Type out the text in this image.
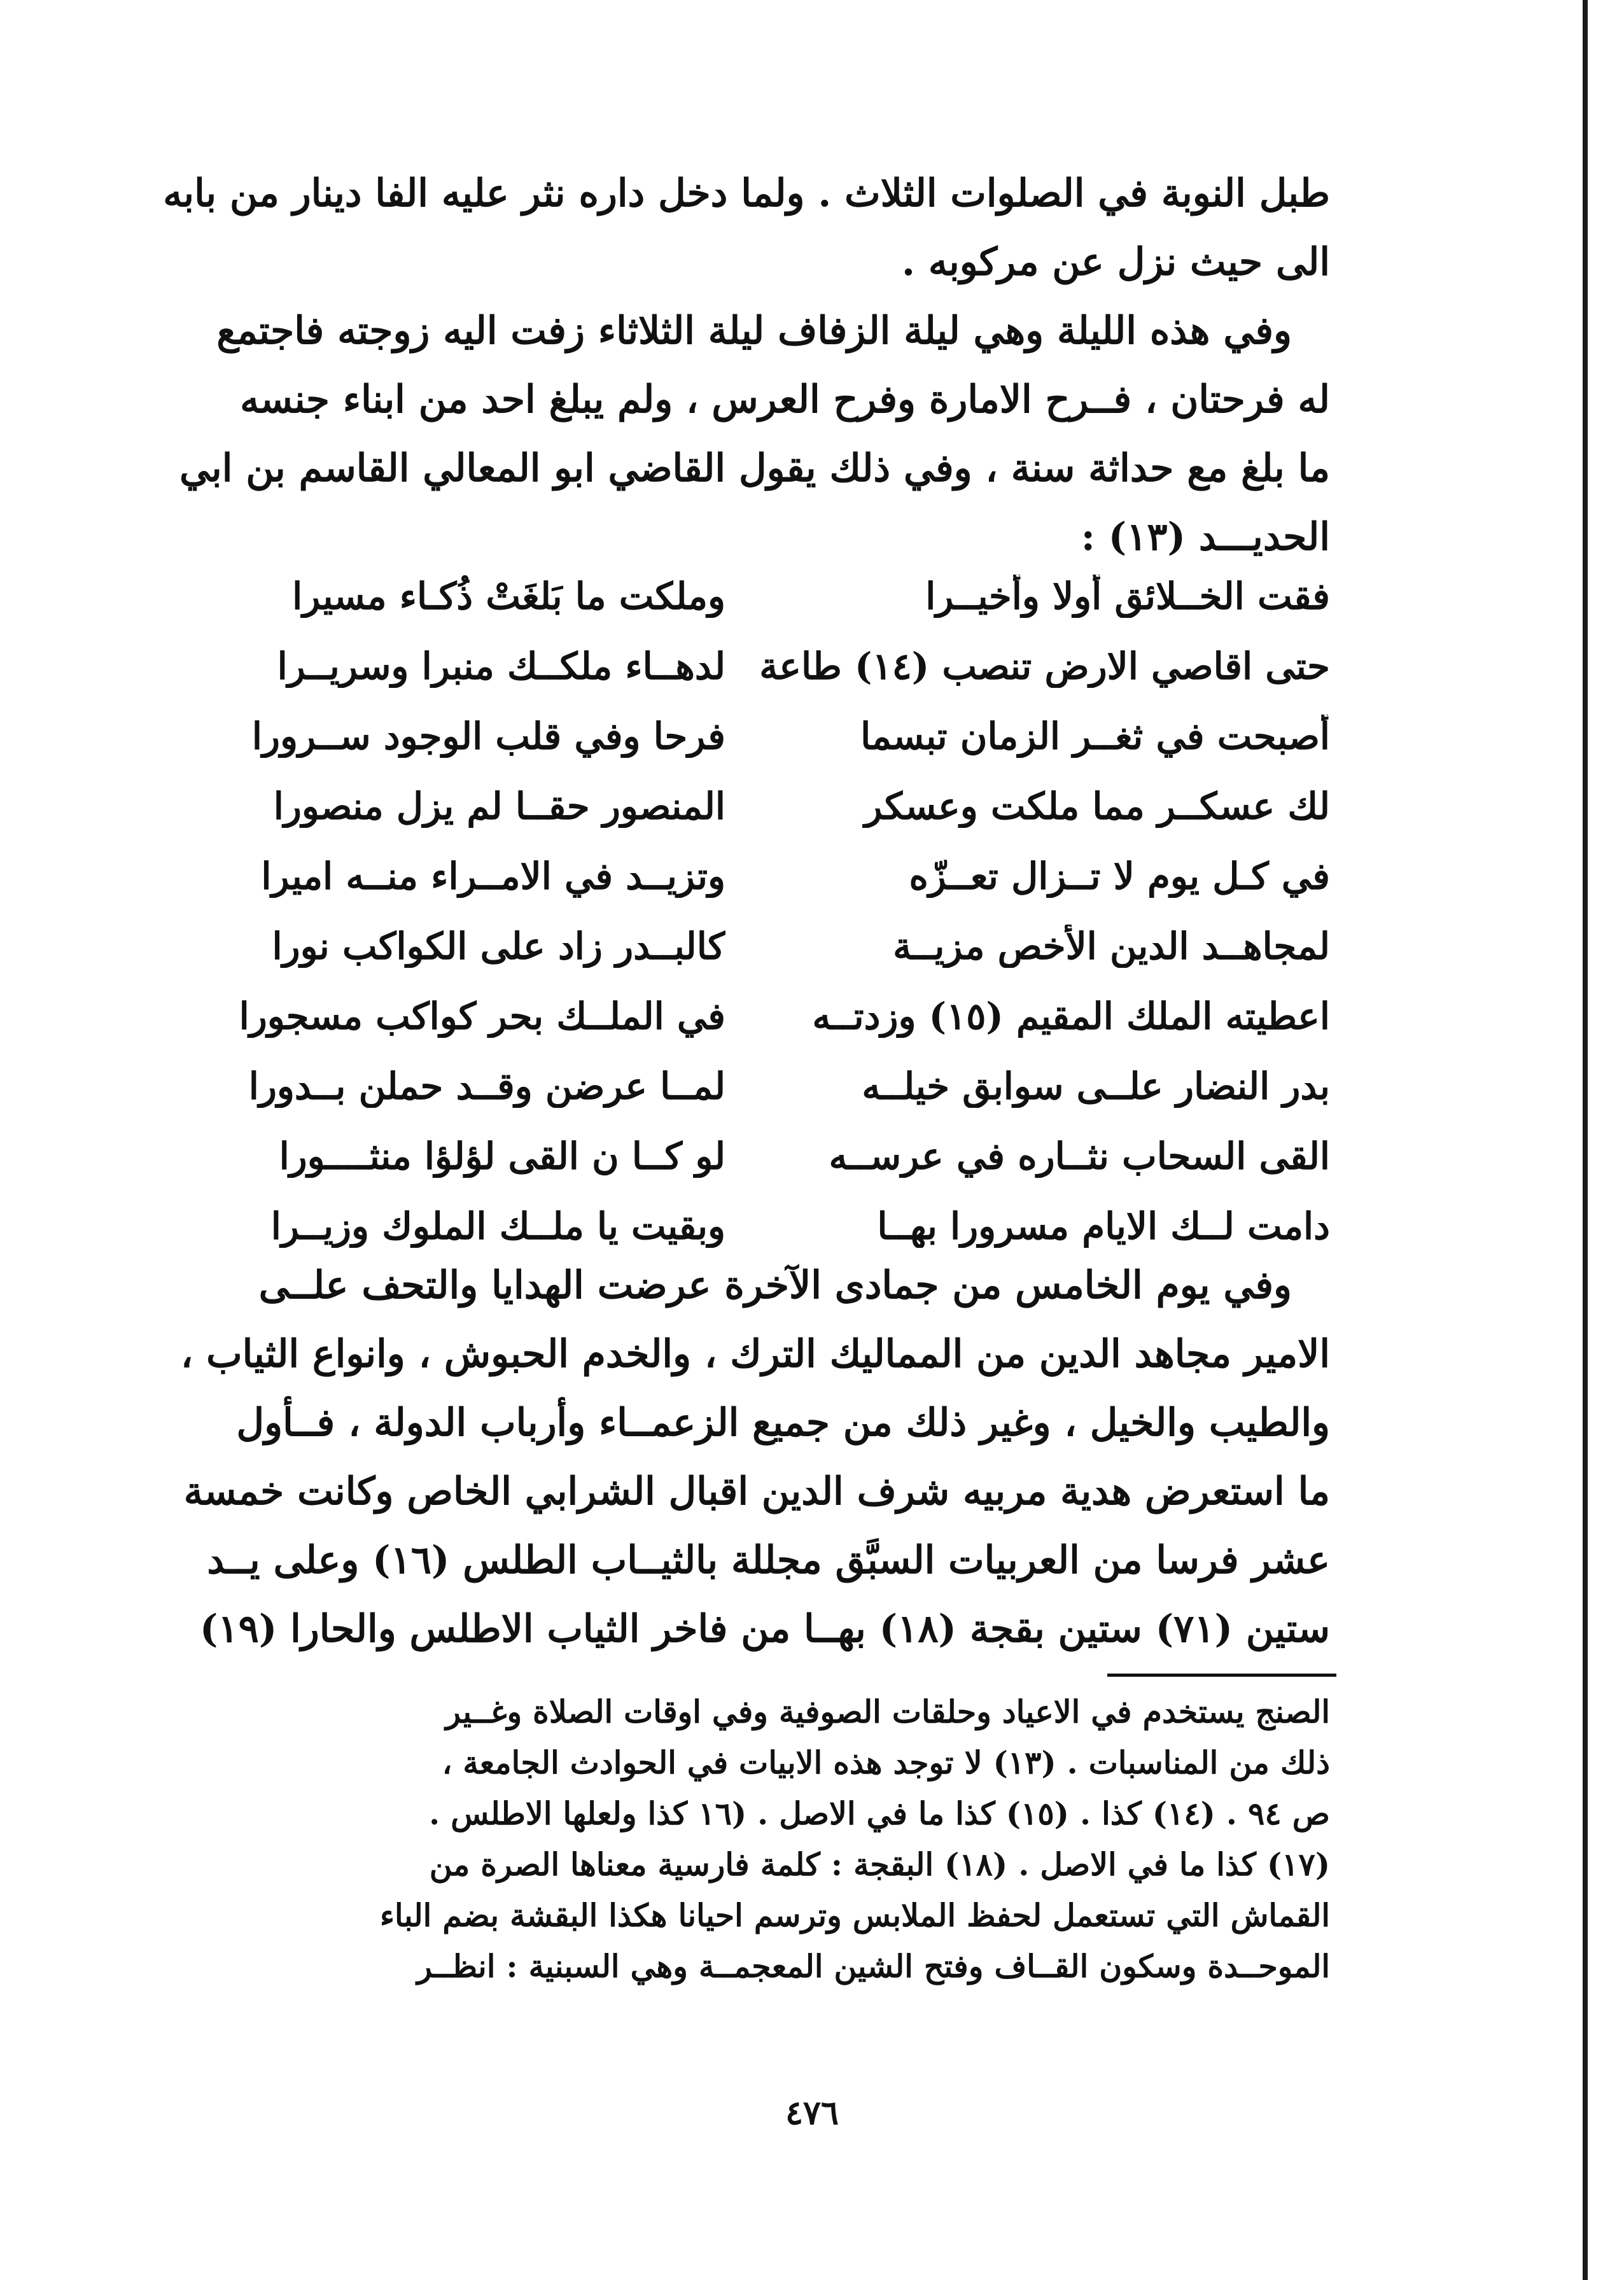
طبل النوبة في الصلوات الثلاث . ولما دخل داره نثر عليه الفا دينار من بابه

الى حيث نزل عن مركوبه .

وفي هذه الليلة وهي ليلة الزفاف ليلة الثلاثاء زفت اليه زوجته فاجتمع

له فرحتان ، فــرح الامارة وفرح العرس ، ولم يبلغ احد من ابناء جنسه

ما بلغ مع حداثة سنة ، وفي ذلك يقول القاضي ابو المعالي القاسم بن ابي

الحديـــد (١٣) :

فقت الخــلائق أولا وأخيــرا
وملكت ما بَلغَتْ ذُكـاء مسيرا
حتى اقاصي الارض تنصب (١٤) طاعة
لدهــاء ملكــك منبرا وسريــرا
أصبحت في ثغــر الزمان تبسما
فرحا وفي قلب الوجود ســرورا
لك عسكــر مما ملكت وعسكر
المنصور حقــا لم يزل منصورا
في كـل يوم لا تــزال تعــزّه
وتزيــد في الامــراء منــه اميرا
لمجاهــد الدين الأخص مزيــة
كالبــدر زاد على الكواكب نورا
اعطيته الملك المقيم (١٥) وزدتــه
في الملــك بحر كواكب مسجورا
بدر النضار علــى سوابق خيلــه
لمــا عرضن وقــد حملن بــدورا
القى السحاب نثــاره في عرســه
لو كــا ن القى لؤلؤا منثــــورا
دامت لــك الايام مسرورا بهــا
وبقيت يا ملــك الملوك وزيــرا

وفي يوم الخامس من جمادى الآخرة عرضت الهدايا والتحف علــى

الامير مجاهد الدين من المماليك الترك ، والخدم الحبوش ، وانواع الثياب ،

والطيب والخيل ، وغير ذلك من جميع الزعمــاء وأرباب الدولة ، فــأول

ما استعرض هدية مربيه شرف الدين اقبال الشرابي الخاص وكانت خمسة

عشر فرسا من العربيات السبَّق مجللة بالثيــاب الطلس (١٦) وعلى يــد

ستين (٧١) ستين بقجة (١٨) بهــا من فاخر الثياب الاطلس والحارا (١٩)

الصنج يستخدم في الاعياد وحلقات الصوفية وفي اوقات الصلاة وغــير

ذلك من المناسبات . (١٣) لا توجد هذه الابيات في الحوادث الجامعة ،

ص ٩٤ . (١٤) كذا . (١٥) كذا ما في الاصل . (١٦ كذا ولعلها الاطلس .

(١٧) كذا ما في الاصل . (١٨) البقجة : كلمة فارسية معناها الصرة من

القماش التي تستعمل لحفظ الملابس وترسم احيانا هكذا البقشة بضم الباء

الموحــدة وسكون القــاف وفتح الشين المعجمــة وهي السبنية : انظــر

٤٧٦
